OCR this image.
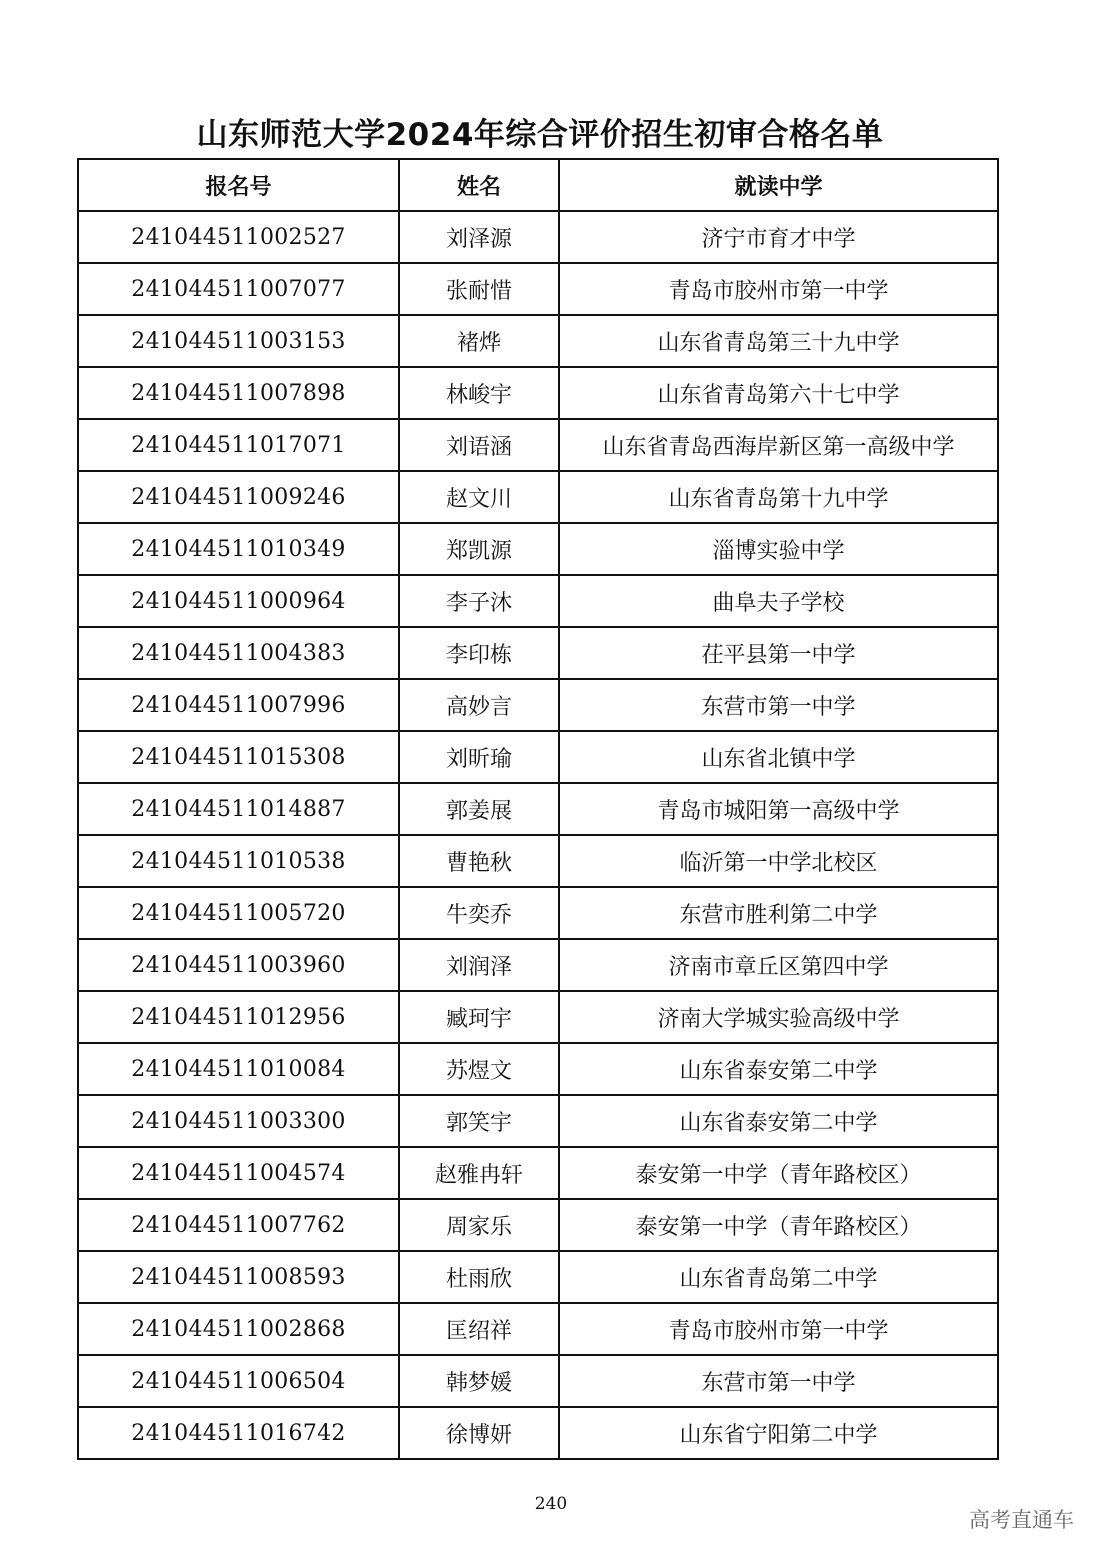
山东师范大学2024年综合评价招生初审合格名单
报名号	姓名	就读中学
241044511002527	刘泽源	济宁市育才中学
241044511007077	张耐惜	青岛市胶州市第一中学
241044511003153	褚烨	山东省青岛第三十九中学
241044511007898	林峻宇	山东省青岛第六十七中学
241044511017071	刘语涵	山东省青岛西海岸新区第一高级中学
241044511009246	赵文川	山东省青岛第十九中学
241044511010349	郑凯源	淄博实验中学
241044511000964	李子沐	曲阜夫子学校
241044511004383	李印栋	茌平县第一中学
241044511007996	高妙言	东营市第一中学
241044511015308	刘昕瑜	山东省北镇中学
241044511014887	郭姜展	青岛市城阳第一高级中学
241044511010538	曹艳秋	临沂第一中学北校区
241044511005720	牛奕乔	东营市胜利第二中学
241044511003960	刘润泽	济南市章丘区第四中学
241044511012956	臧珂宇	济南大学城实验高级中学
241044511010084	苏煜文	山东省泰安第二中学
241044511003300	郭笑宇	山东省泰安第二中学
241044511004574	赵雅冉轩	泰安第一中学（青年路校区）
241044511007762	周家乐	泰安第一中学（青年路校区）
241044511008593	杜雨欣	山东省青岛第二中学
241044511002868	匡绍祥	青岛市胶州市第一中学
241044511006504	韩梦媛	东营市第一中学
241044511016742	徐博妍	山东省宁阳第二中学
240
高考直通车
